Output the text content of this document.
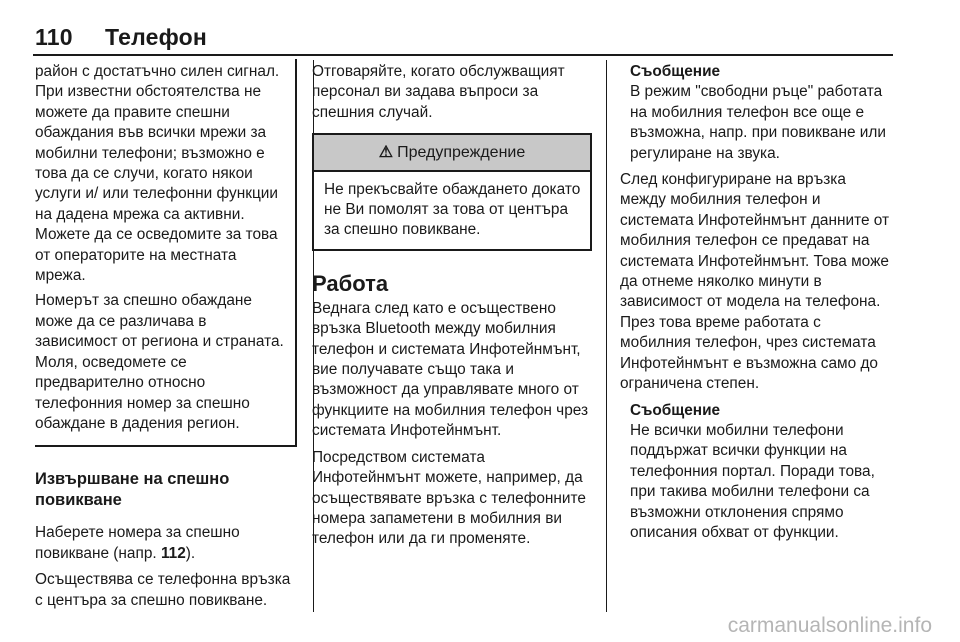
110 Телефон

район с достатъчно силен сигнал. При известни обстоятелства не можете да правите спешни обаждания във всички мрежи за мобилни телефони; възможно е това да се случи, когато някои услуги и/ или телефонни функции на дадена мрежа са активни. Можете да се осведомите за това от операторите на местната мрежа.

Номерът за спешно обаждане може да се различава в зависимост от региона и страната. Моля, осведомете се предварително относно телефонния номер за спешно обаждане в дадения регион.

Извършване на спешно повикване

Наберете номера за спешно повикване (напр. 112).

Осъществява се телефонна връзка с центъра за спешно повикване.

Отговаряйте, когато обслужващият персонал ви задава въпроси за спешния случай.

⚠ Предупреждение
Не прекъсвайте обаждането докато не Ви помолят за това от центъра за спешно повикване.
Работа

Веднага след като е осъществено връзка Bluetooth между мобилния телефон и системата Инфотейнмънт, вие получавате също така и възможност да управлявате много от функциите на мобилния телефон чрез системата Инфотейнмънт.

Посредством системата Инфотейнмънт можете, например, да осъществявате връзка с телефонните номера запаметени в мобилния ви телефон или да ги променяте.

Съобщение
В режим "свободни ръце" работата на мобилния телефон все още е възможна, напр. при повикване или регулиране на звука.

След конфигуриране на връзка между мобилния телефон и системата Инфотейнмънт данните от мобилния телефон се предават на системата Инфотейнмънт. Това може да отнеме няколко минути в зависимост от модела на телефона. През това време работата с мобилния телефон, чрез системата Инфотейнмънт е възможна само до ограничена степен.

Съобщение
Не всички мобилни телефони поддържат всички функции на телефонния портал. Поради това, при такива мобилни телефони са възможни отклонения спрямо описания обхват от функции.
carmanualsonline.info
